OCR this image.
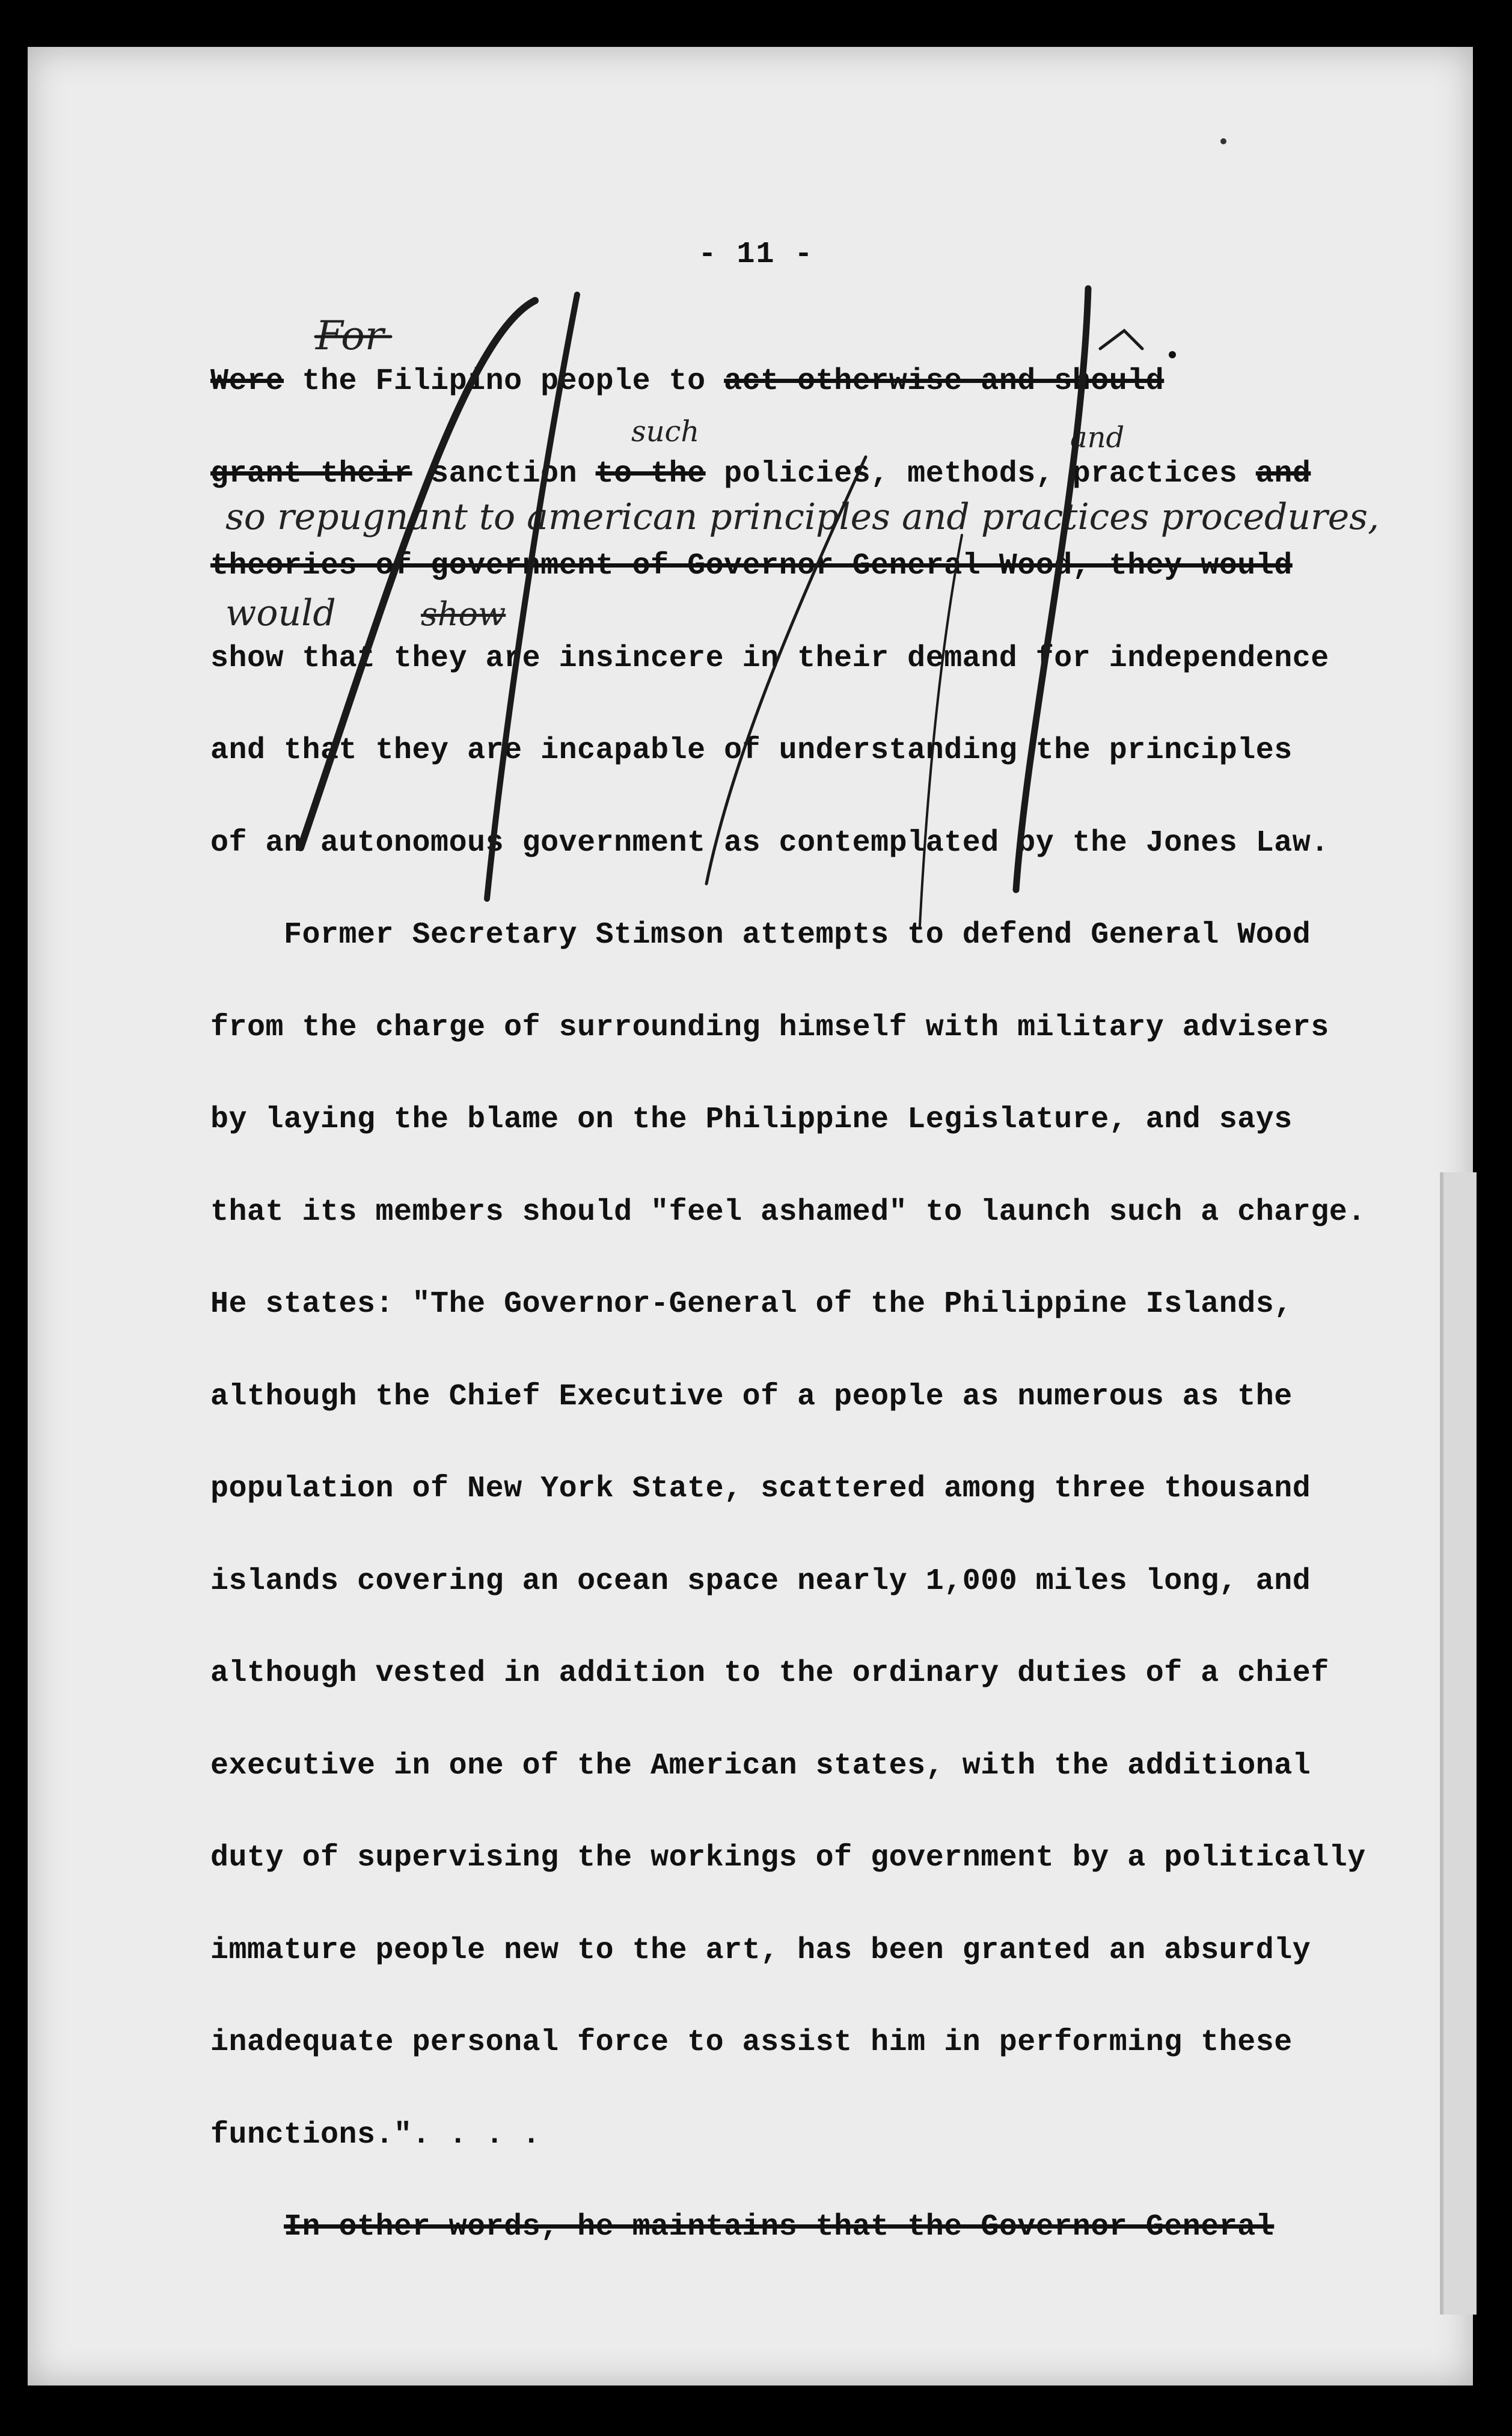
- 11 -
Were the Filipino people to act otherwise and should
grant their sanction to the policies, methods, practices and
theories of government of Governor-General Wood, they would
show that they are insincere in their demand for independence
and that they are incapable of understanding the principles
of an autonomous government as contemplated by the Jones Law.
Former Secretary Stimson attempts to defend General Wood
from the charge of surrounding himself with military advisers
by laying the blame on the Philippine Legislature, and says
that its members should "feel ashamed" to launch such a charge.
He states: "The Governor-General of the Philippine Islands,
although the Chief Executive of a people as numerous as the
population of New York State, scattered among three thousand
islands covering an ocean space nearly 1,000 miles long, and
although vested in addition to the ordinary duties of a chief
executive in one of the American states, with the additional
duty of supervising the workings of government by a politically
immature people new to the art, has been granted an absurdly
inadequate personal force to assist him in performing these
functions.". . . .
In other words, he maintains that the Governor-General
For
such	and
so repugnant to american principles and practices procedures,
would	show
